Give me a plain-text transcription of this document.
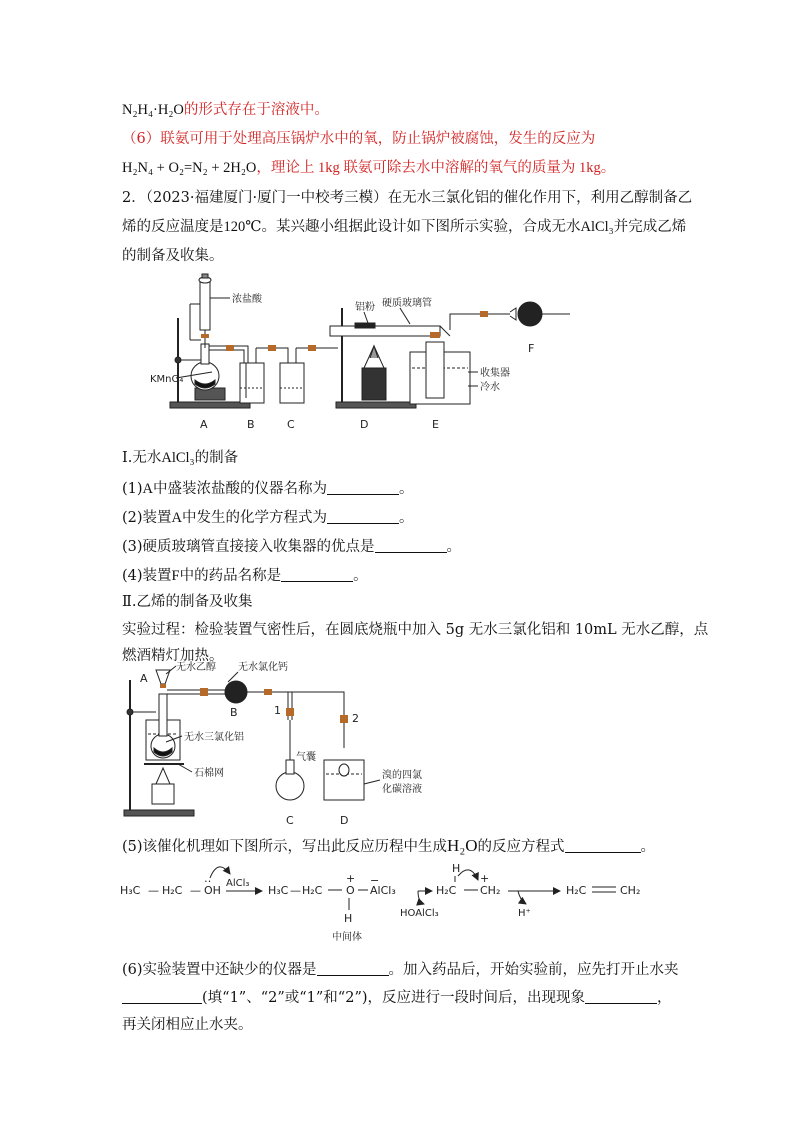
N₂H₄·H₂O的形式存在于溶液中。
（6）联氨可用于处理高压锅炉水中的氧，防止锅炉被腐蚀，发生的反应为
H₂N₄ + O₂=N₂ + 2H₂O，理论上 1kg 联氨可除去水中溶解的氧气的质量为 1kg。
2．（2023·福建厦门·厦门一中校考三模）在无水三氯化铝的催化作用下，利用乙醇制备乙
烯的反应温度是120℃。某兴趣小组据此设计如下图所示实验，合成无水AlCl₃并完成乙烯
的制备及收集。
浓盐酸
KMnO₄
铝粉 硬质玻璃管
收集器
冷水
A	B	C	D	E
F
Ⅰ.无水AlCl₃的制备
(1)A中盛装浓盐酸的仪器名称为	。
(2)装置A中发生的化学方程式为	。
(3)硬质玻璃管直接接入收集器的优点是	。
(4)装置F中的药品名称是	。
Ⅱ.乙烯的制备及收集
实验过程：检验装置气密性后，在圆底烧瓶中加入 5g 无水三氯化铝和 10mL 无水乙醇，点
燃酒精灯加热。
无水乙醇
A
无水氯化钙
B
无水三氯化铝
石棉网
1
2
气囊
溴的四氯
化碳溶液
C	D
(5)该催化机理如下图所示，写出此反应历程中生成H₂O的反应方程式	。
H₃C — H₂C —
‥
OH
AlCl₃
H₃C — H₂C
+
O
−
AlCl₃
H
中间体
H
H₂C
+
CH₂
HOAlCl₃	H⁺
H₂C	CH₂
(6)实验装置中还缺少的仪器是	。加入药品后，开始实验前，应先打开止水夹
(填“1”、“2”或“1”和“2”)，反应进行一段时间后，出现现象	，
再关闭相应止水夹。
